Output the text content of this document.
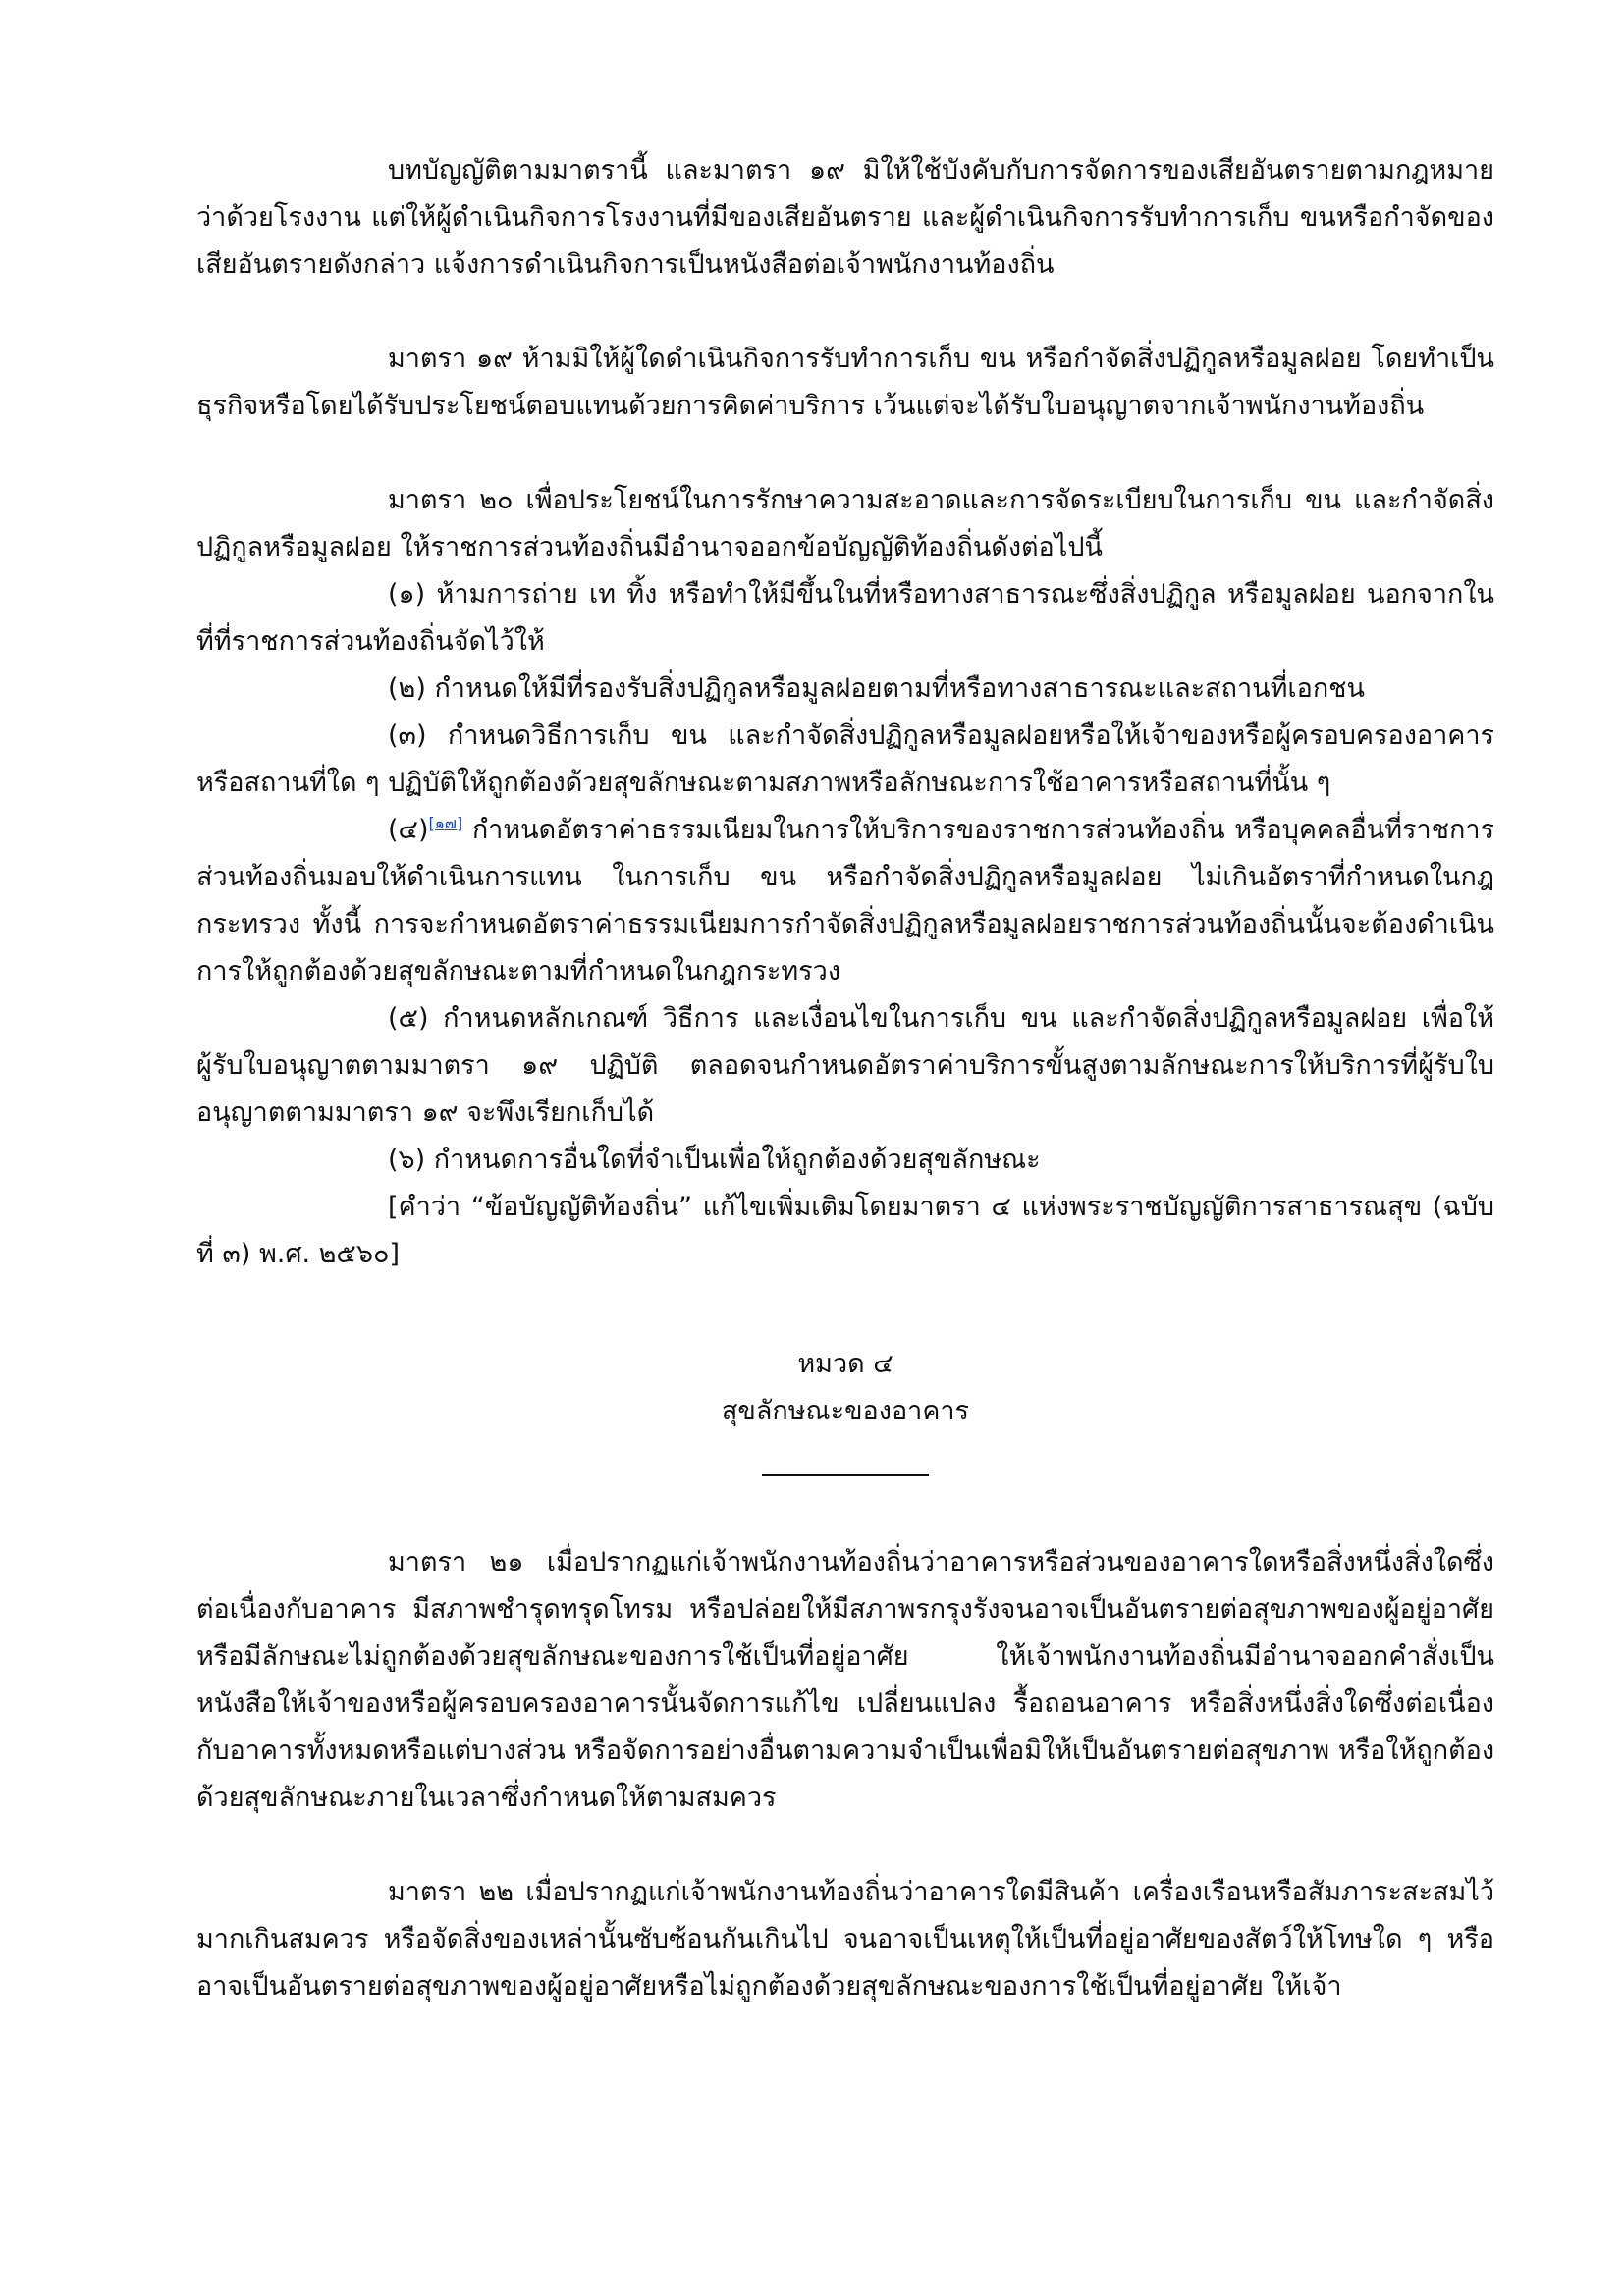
บทบัญญัติตามมาตรานี้ และมาตรา ๑๙ มิให้ใช้บังคับกับการจัดการของเสียอันตรายตามกฎหมายว่าด้วยโรงงาน แต่ให้ผู้ดำเนินกิจการโรงงานที่มีของเสียอันตราย และผู้ดำเนินกิจการรับทำการเก็บ ขนหรือกำจัดของเสียอันตรายดังกล่าว แจ้งการดำเนินกิจการเป็นหนังสือต่อเจ้าพนักงานท้องถิ่น

มาตรา ๑๙ ห้ามมิให้ผู้ใดดำเนินกิจการรับทำการเก็บ ขน หรือกำจัดสิ่งปฏิกูลหรือมูลฝอย โดยทำเป็นธุรกิจหรือโดยได้รับประโยชน์ตอบแทนด้วยการคิดค่าบริการ เว้นแต่จะได้รับใบอนุญาตจากเจ้าพนักงานท้องถิ่น

มาตรา ๒๐ เพื่อประโยชน์ในการรักษาความสะอาดและการจัดระเบียบในการเก็บ ขน และกำจัดสิ่งปฏิกูลหรือมูลฝอย ให้ราชการส่วนท้องถิ่นมีอำนาจออกข้อบัญญัติท้องถิ่นดังต่อไปนี้

(๑) ห้ามการถ่าย เท ทิ้ง หรือทำให้มีขึ้นในที่หรือทางสาธารณะซึ่งสิ่งปฏิกูล หรือมูลฝอย นอกจากในที่ที่ราชการส่วนท้องถิ่นจัดไว้ให้

(๒) กำหนดให้มีที่รองรับสิ่งปฏิกูลหรือมูลฝอยตามที่หรือทางสาธารณะและสถานที่เอกชน

(๓) กำหนดวิธีการเก็บ ขน และกำจัดสิ่งปฏิกูลหรือมูลฝอยหรือให้เจ้าของหรือผู้ครอบครองอาคารหรือสถานที่ใด ๆ ปฏิบัติให้ถูกต้องด้วยสุขลักษณะตามสภาพหรือลักษณะการใช้อาคารหรือสถานที่นั้น ๆ

(๔)[๑๗] กำหนดอัตราค่าธรรมเนียมในการให้บริการของราชการส่วนท้องถิ่น หรือบุคคลอื่นที่ราชการส่วนท้องถิ่นมอบให้ดำเนินการแทน ในการเก็บ ขน หรือกำจัดสิ่งปฏิกูลหรือมูลฝอย ไม่เกินอัตราที่กำหนดในกฎกระทรวง ทั้งนี้ การจะกำหนดอัตราค่าธรรมเนียมการกำจัดสิ่งปฏิกูลหรือมูลฝอยราชการส่วนท้องถิ่นนั้นจะต้องดำเนินการให้ถูกต้องด้วยสุขลักษณะตามที่กำหนดในกฎกระทรวง

(๕) กำหนดหลักเกณฑ์ วิธีการ และเงื่อนไขในการเก็บ ขน และกำจัดสิ่งปฏิกูลหรือมูลฝอย เพื่อให้ผู้รับใบอนุญาตตามมาตรา ๑๙ ปฏิบัติ ตลอดจนกำหนดอัตราค่าบริการขั้นสูงตามลักษณะการให้บริการที่ผู้รับใบอนุญาตตามมาตรา ๑๙ จะพึงเรียกเก็บได้

(๖) กำหนดการอื่นใดที่จำเป็นเพื่อให้ถูกต้องด้วยสุขลักษณะ

[คำว่า “ข้อบัญญัติท้องถิ่น” แก้ไขเพิ่มเติมโดยมาตรา ๔ แห่งพระราชบัญญัติการสาธารณสุข (ฉบับที่ ๓) พ.ศ. ๒๕๖๐]

หมวด ๔

สุขลักษณะของอาคาร

มาตรา ๒๑ เมื่อปรากฏแก่เจ้าพนักงานท้องถิ่นว่าอาคารหรือส่วนของอาคารใดหรือสิ่งหนึ่งสิ่งใดซึ่งต่อเนื่องกับอาคาร มีสภาพชำรุดทรุดโทรม หรือปล่อยให้มีสภาพรกรุงรังจนอาจเป็นอันตรายต่อสุขภาพของผู้อยู่อาศัยหรือมีลักษณะไม่ถูกต้องด้วยสุขลักษณะของการใช้เป็นที่อยู่อาศัย ให้เจ้าพนักงานท้องถิ่นมีอำนาจออกคำสั่งเป็นหนังสือให้เจ้าของหรือผู้ครอบครองอาคารนั้นจัดการแก้ไข เปลี่ยนแปลง รื้อถอนอาคาร หรือสิ่งหนึ่งสิ่งใดซึ่งต่อเนื่องกับอาคารทั้งหมดหรือแต่บางส่วน หรือจัดการอย่างอื่นตามความจำเป็นเพื่อมิให้เป็นอันตรายต่อสุขภาพ หรือให้ถูกต้องด้วยสุขลักษณะภายในเวลาซึ่งกำหนดให้ตามสมควร

มาตรา ๒๒ เมื่อปรากฏแก่เจ้าพนักงานท้องถิ่นว่าอาคารใดมีสินค้า เครื่องเรือนหรือสัมภาระสะสมไว้มากเกินสมควร หรือจัดสิ่งของเหล่านั้นซับซ้อนกันเกินไป จนอาจเป็นเหตุให้เป็นที่อยู่อาศัยของสัตว์ให้โทษใด ๆ หรืออาจเป็นอันตรายต่อสุขภาพของผู้อยู่อาศัยหรือไม่ถูกต้องด้วยสุขลักษณะของการใช้เป็นที่อยู่อาศัย ให้เจ้า
